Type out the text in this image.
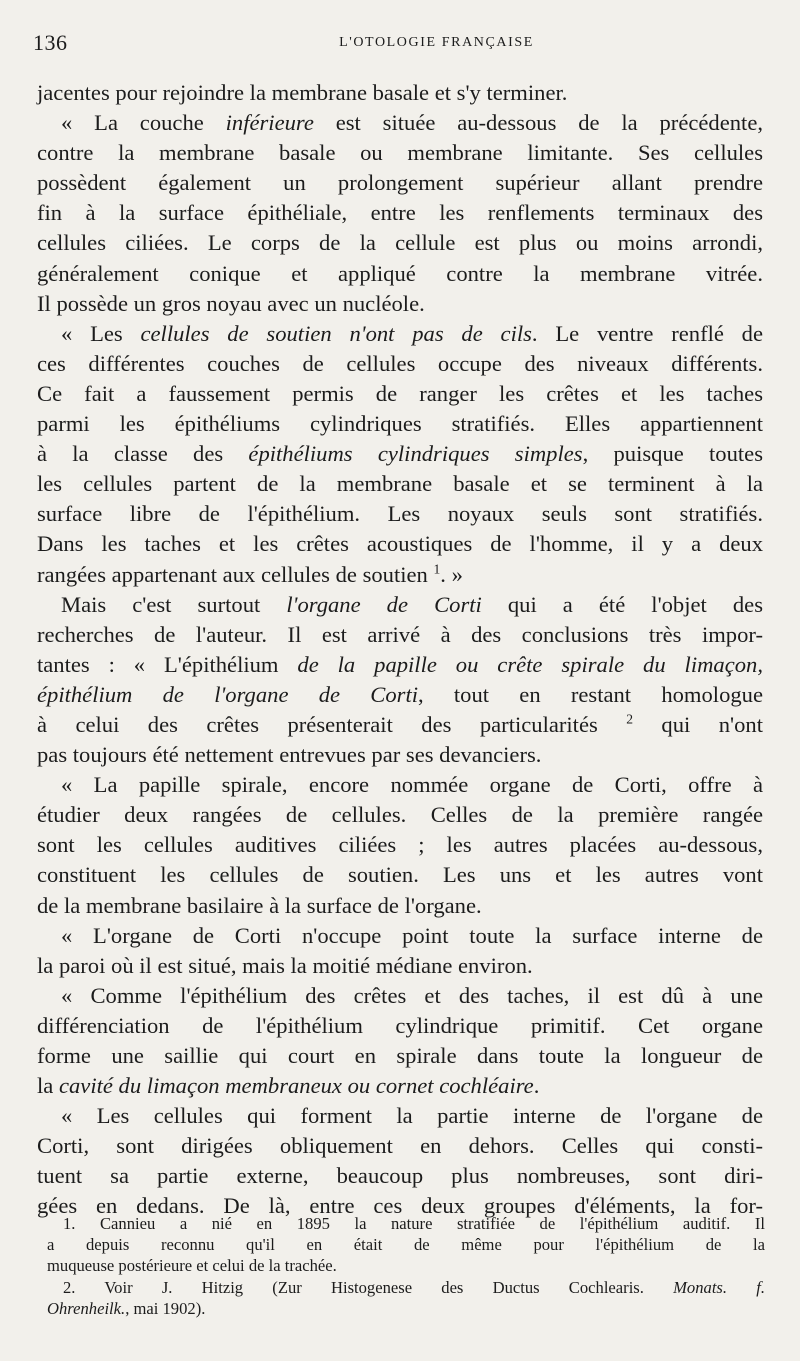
136	L'OTOLOGIE FRANÇAISE
jacentes pour rejoindre la membrane basale et s'y terminer.
« La couche inférieure est située au-dessous de la précédente,
contre la membrane basale ou membrane limitante. Ses cellules
possèdent également un prolongement supérieur allant prendre
fin à la surface épithéliale, entre les renflements terminaux des
cellules ciliées. Le corps de la cellule est plus ou moins arrondi,
généralement conique et appliqué contre la membrane vitrée.
Il possède un gros noyau avec un nucléole.
« Les cellules de soutien n'ont pas de cils. Le ventre renflé de
ces différentes couches de cellules occupe des niveaux différents.
Ce fait a faussement permis de ranger les crêtes et les taches
parmi les épithéliums cylindriques stratifiés. Elles appartiennent
à la classe des épithéliums cylindriques simples, puisque toutes
les cellules partent de la membrane basale et se terminent à la
surface libre de l'épithélium. Les noyaux seuls sont stratifiés.
Dans les taches et les crêtes acoustiques de l'homme, il y a deux
rangées appartenant aux cellules de soutien $^1$. »
Mais c'est surtout l'organe de Corti qui a été l'objet des
recherches de l'auteur. Il est arrivé à des conclusions très impor-
tantes : « L'épithélium de la papille ou crête spirale du limaçon,
épithélium de l'organe de Corti, tout en restant homologue
à celui des crêtes présenterait des particularités $^2$ qui n'ont
pas toujours été nettement entrevues par ses devanciers.
« La papille spirale, encore nommée organe de Corti, offre à
étudier deux rangées de cellules. Celles de la première rangée
sont les cellules auditives ciliées ; les autres placées au-dessous,
constituent les cellules de soutien. Les uns et les autres vont
de la membrane basilaire à la surface de l'organe.
« L'organe de Corti n'occupe point toute la surface interne de
la paroi où il est situé, mais la moitié médiane environ.
« Comme l'épithélium des crêtes et des taches, il est dû à une
différenciation de l'épithélium cylindrique primitif. Cet organe
forme une saillie qui court en spirale dans toute la longueur de
la cavité du limaçon membraneux ou cornet cochléaire.
« Les cellules qui forment la partie interne de l'organe de
Corti, sont dirigées obliquement en dehors. Celles qui consti-
tuent sa partie externe, beaucoup plus nombreuses, sont diri-
gées en dedans. De là, entre ces deux groupes d'éléments, la for-
1. Cannieu a nié en 1895 la nature stratifiée de l'épithélium auditif. Il
a depuis reconnu qu'il en était de même pour l'épithélium de la
muqueuse postérieure et celui de la trachée.
2. Voir J. Hitzig (Zur Histogenese des Ductus Cochlearis. Monats. f.
Ohrenheilk., mai 1902).
